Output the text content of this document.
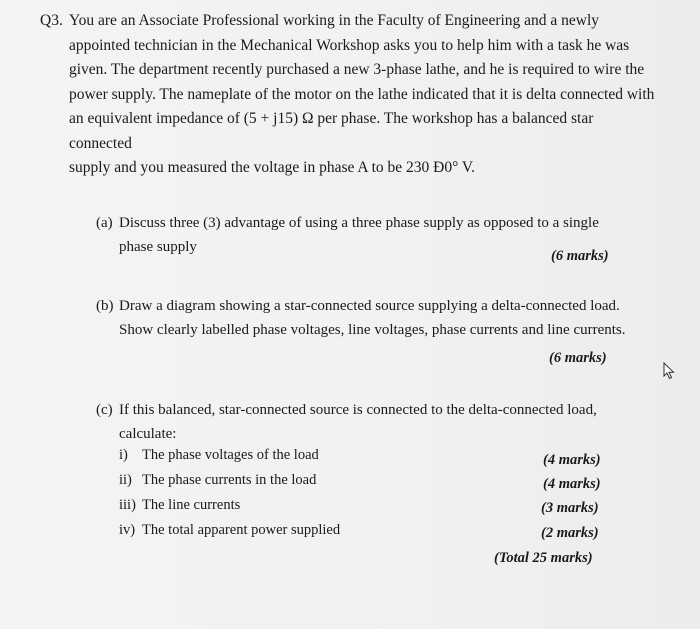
Q3. You are an Associate Professional working in the Faculty of Engineering and a newly
appointed technician in the Mechanical Workshop asks you to help him with a task he was
given. The department recently purchased a new 3-phase lathe, and he is required to wire the
power supply. The nameplate of the motor on the lathe indicated that it is delta connected with
an equivalent impedance of (5 + j15) Ω per phase. The workshop has a balanced star connected
supply and you measured the voltage in phase A to be 230 Ð0° V.
(a) Discuss three (3) advantage of using a three phase supply as opposed to a single
phase supply
(6 marks)
(b) Draw a diagram showing a star-connected source supplying a delta-connected load.
Show clearly labelled phase voltages, line voltages, phase currents and line currents.
(6 marks)
(c) If this balanced, star-connected source is connected to the delta-connected load,
calculate:
i) The phase voltages of the load	(4 marks)
ii) The phase currents in the load	(4 marks)
iii) The line currents	(3 marks)
iv) The total apparent power supplied	(2 marks)
(Total 25 marks)
